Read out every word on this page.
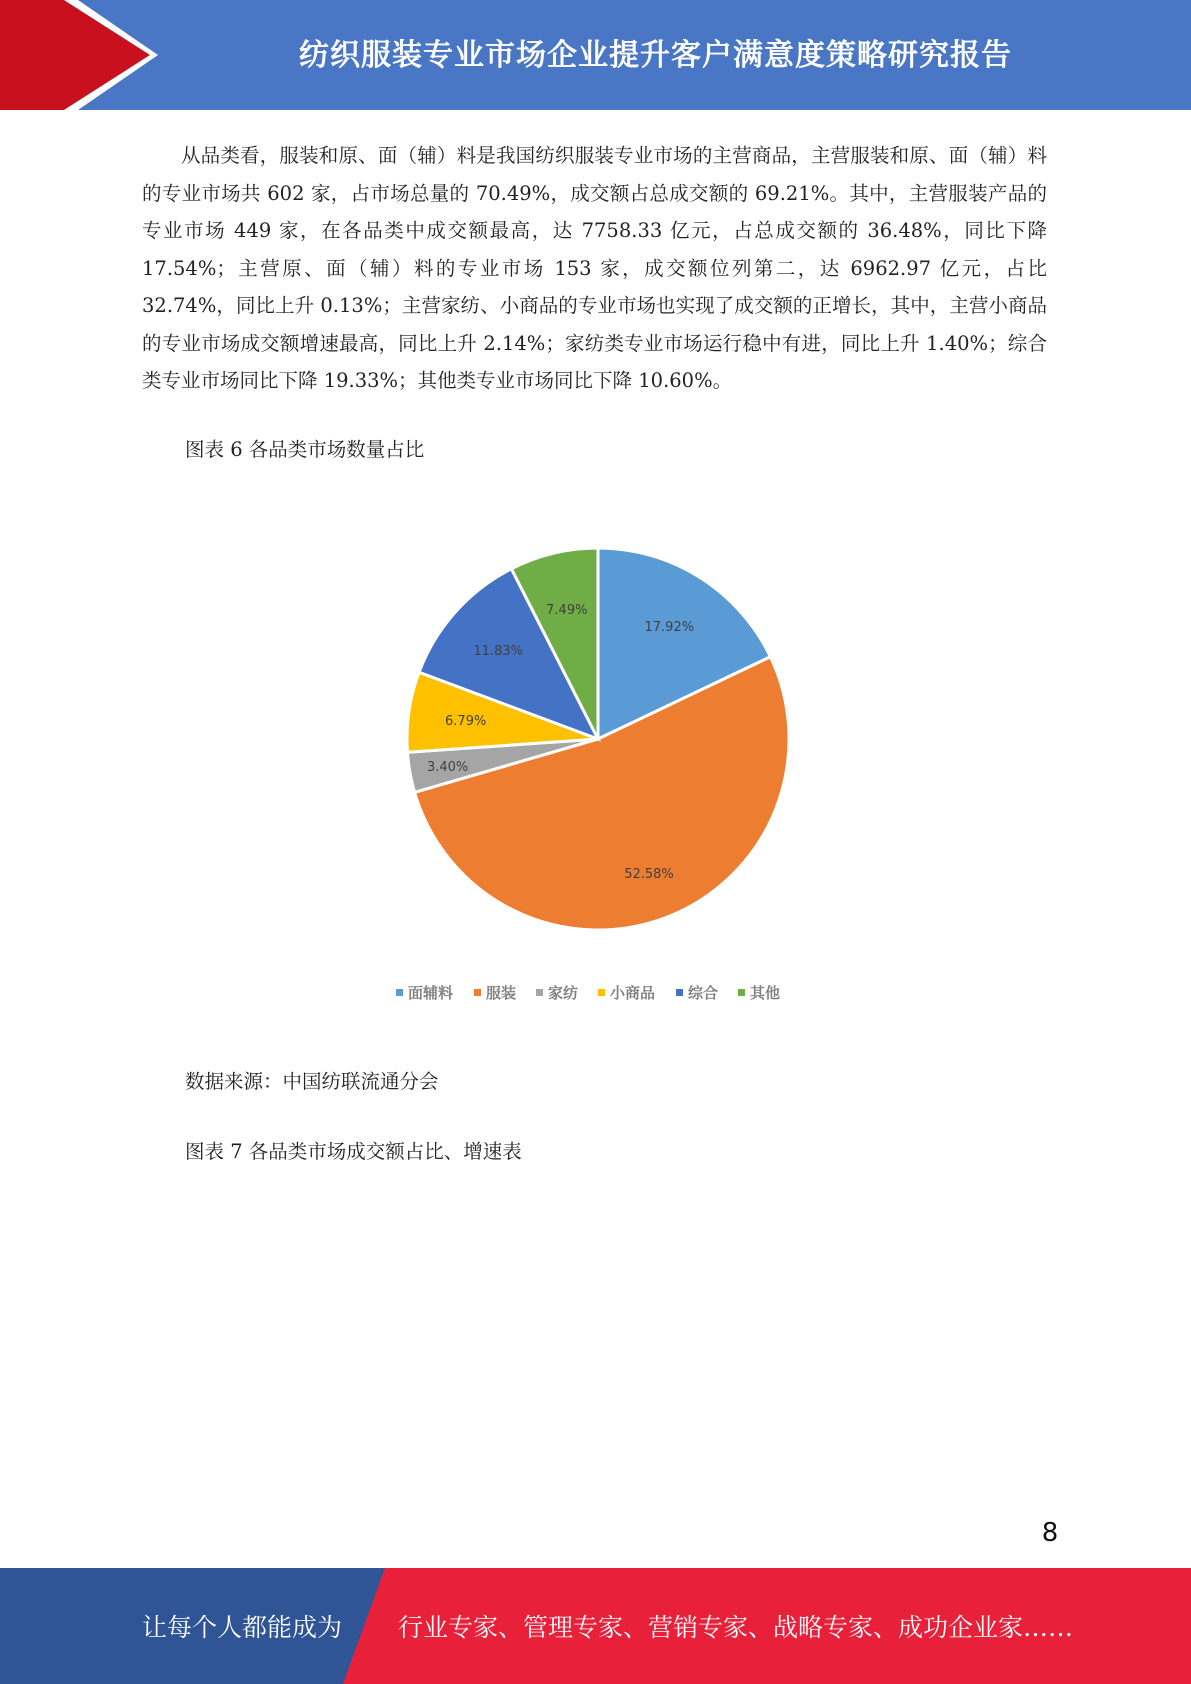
纺织服装专业市场企业提升客户满意度策略研究报告

从品类看，服装和原、面（辅）料是我国纺织服装专业市场的主营商品，主营服装和原、面（辅）料的专业市场共 602 家，占市场总量的 70.49%，成交额占总成交额的 69.21%。其中，主营服装产品的专业市场 449 家，在各品类中成交额最高，达 7758.33 亿元，占总成交额的 36.48%，同比下降 17.54%；主营原、面（辅）料的专业市场 153 家，成交额位列第二，达 6962.97 亿元，占比 32.74%，同比上升 0.13%；主营家纺、小商品的专业市场也实现了成交额的正增长，其中，主营小商品的专业市场成交额增速最高，同比上升 2.14%；家纺类专业市场运行稳中有进，同比上升 1.40%；综合类专业市场同比下降 19.33%；其他类专业市场同比下降 10.60%。

图表 6 各品类市场数量占比
17.92%
52.58%
3.40%
6.79%
11.83%
7.49%
面辅料 服装 家纺 小商品 综合 其他
数据来源：中国纺联流通分会
图表 7 各品类市场成交额占比、增速表
8
让每个人都能成为 行业专家、管理专家、营销专家、战略专家、成功企业家……
